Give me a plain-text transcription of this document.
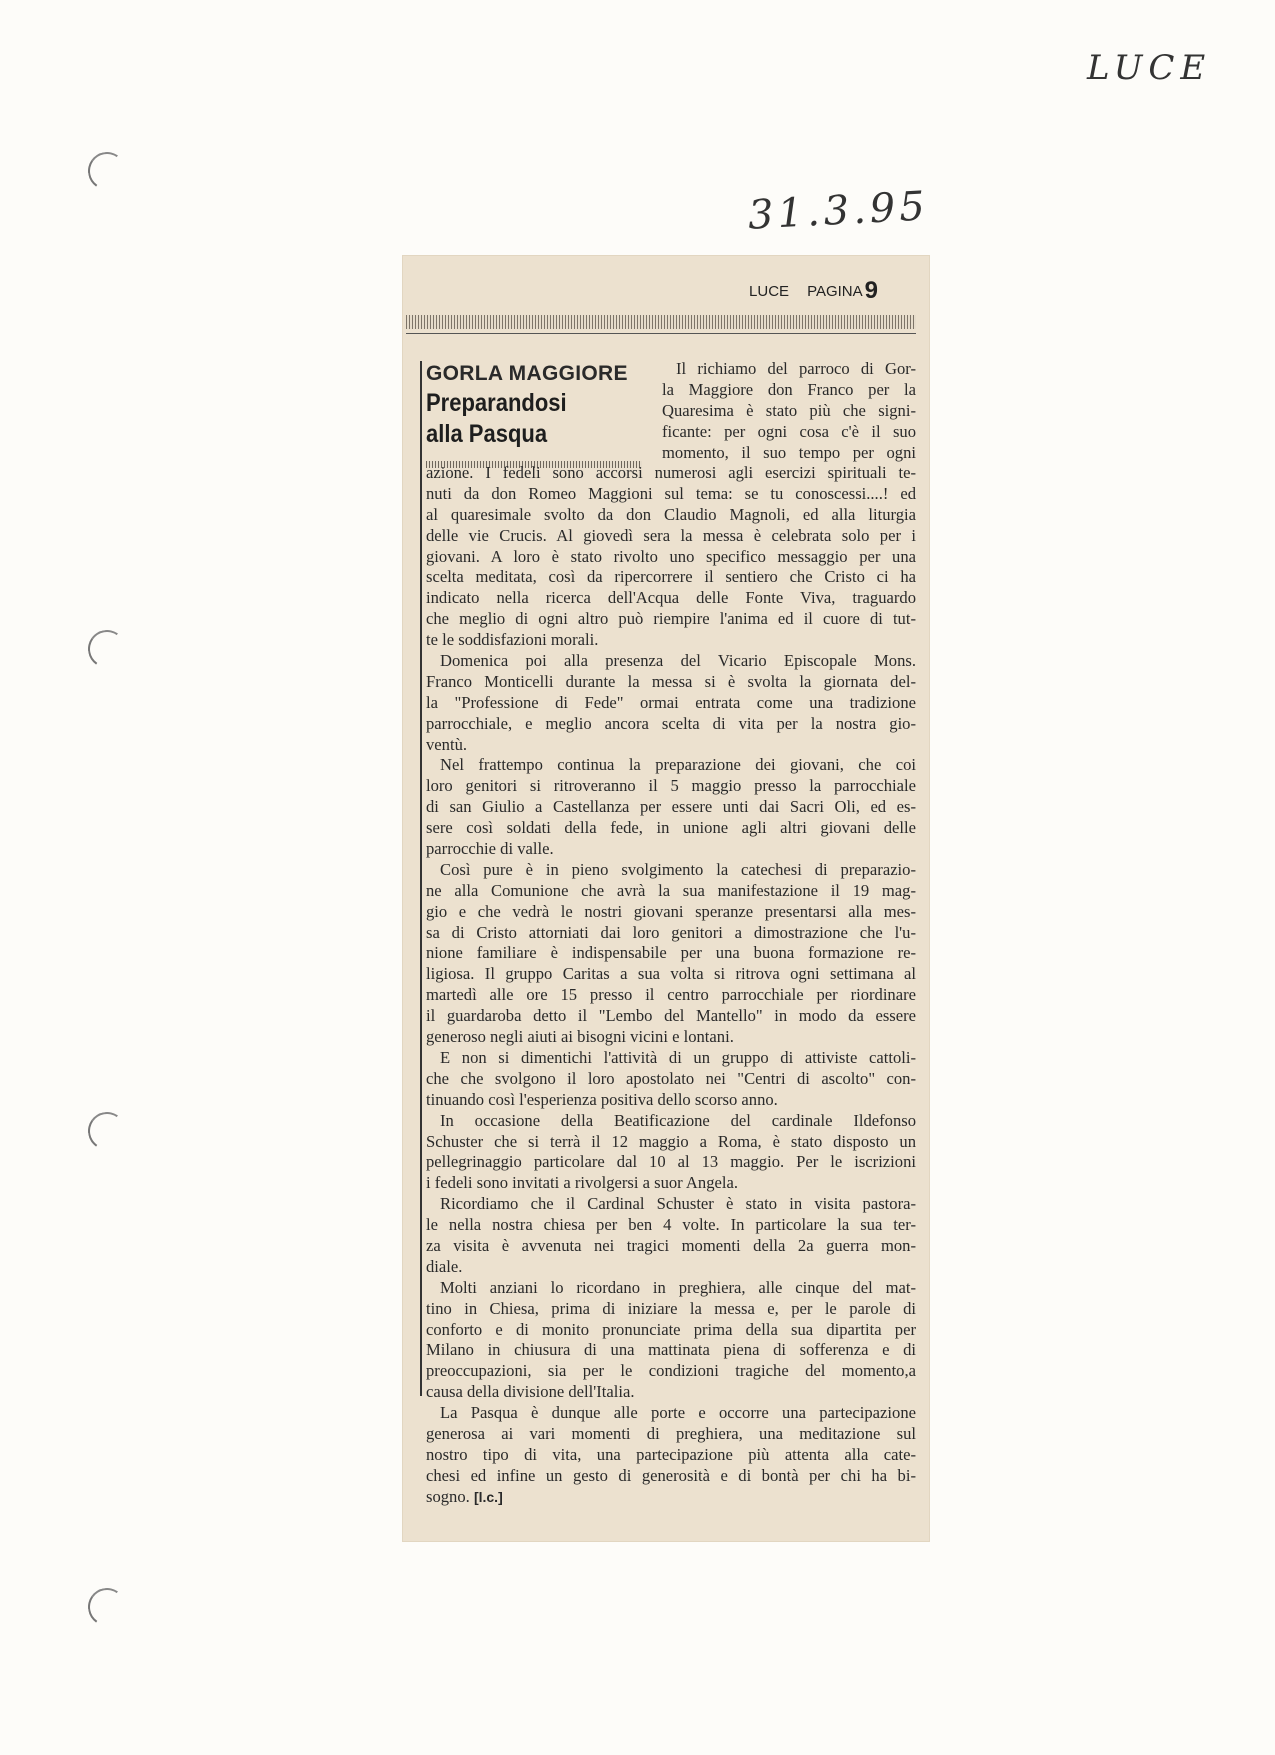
LUCE
31.3.95
LUCE PAGINA9
GORLA MAGGIORE
Preparandosi
alla Pasqua
Il richiamo del parroco di Gor-
la Maggiore don Franco per la
Quaresima è stato più che signi-
ficante: per ogni cosa c'è il suo
momento, il suo tempo per ogni
azione. I fedeli sono accorsi numerosi agli esercizi spirituali te-
nuti da don Romeo Maggioni sul tema: se tu conoscessi....! ed
al quaresimale svolto da don Claudio Magnoli, ed alla liturgia
delle vie Crucis. Al giovedì sera la messa è celebrata solo per i
giovani. A loro è stato rivolto uno specifico messaggio per una
scelta meditata, così da ripercorrere il sentiero che Cristo ci ha
indicato nella ricerca dell'Acqua delle Fonte Viva, traguardo
che meglio di ogni altro può riempire l'anima ed il cuore di tut-
te le soddisfazioni morali.
Domenica poi alla presenza del Vicario Episcopale Mons.
Franco Monticelli durante la messa si è svolta la giornata del-
la "Professione di Fede" ormai entrata come una tradizione
parrocchiale, e meglio ancora scelta di vita per la nostra gio-
ventù.
Nel frattempo continua la preparazione dei giovani, che coi
loro genitori si ritroveranno il 5 maggio presso la parrocchiale
di san Giulio a Castellanza per essere unti dai Sacri Oli, ed es-
sere così soldati della fede, in unione agli altri giovani delle
parrocchie di valle.
Così pure è in pieno svolgimento la catechesi di preparazio-
ne alla Comunione che avrà la sua manifestazione il 19 mag-
gio e che vedrà le nostri giovani speranze presentarsi alla mes-
sa di Cristo attorniati dai loro genitori a dimostrazione che l'u-
nione familiare è indispensabile per una buona formazione re-
ligiosa. Il gruppo Caritas a sua volta si ritrova ogni settimana al
martedì alle ore 15 presso il centro parrocchiale per riordinare
il guardaroba detto il "Lembo del Mantello" in modo da essere
generoso negli aiuti ai bisogni vicini e lontani.
E non si dimentichi l'attività di un gruppo di attiviste cattoli-
che che svolgono il loro apostolato nei "Centri di ascolto" con-
tinuando così l'esperienza positiva dello scorso anno.
In occasione della Beatificazione del cardinale Ildefonso
Schuster che si terrà il 12 maggio a Roma, è stato disposto un
pellegrinaggio particolare dal 10 al 13 maggio. Per le iscrizioni
i fedeli sono invitati a rivolgersi a suor Angela.
Ricordiamo che il Cardinal Schuster è stato in visita pastora-
le nella nostra chiesa per ben 4 volte. In particolare la sua ter-
za visita è avvenuta nei tragici momenti della 2a guerra mon-
diale.
Molti anziani lo ricordano in preghiera, alle cinque del mat-
tino in Chiesa, prima di iniziare la messa e, per le parole di
conforto e di monito pronunciate prima della sua dipartita per
Milano in chiusura di una mattinata piena di sofferenza e di
preoccupazioni, sia per le condizioni tragiche del momento,a
causa della divisione dell'Italia.
La Pasqua è dunque alle porte e occorre una partecipazione
generosa ai vari momenti di preghiera, una meditazione sul
nostro tipo di vita, una partecipazione più attenta alla cate-
chesi ed infine un gesto di generosità e di bontà per chi ha bi-
sogno. [l.c.]
